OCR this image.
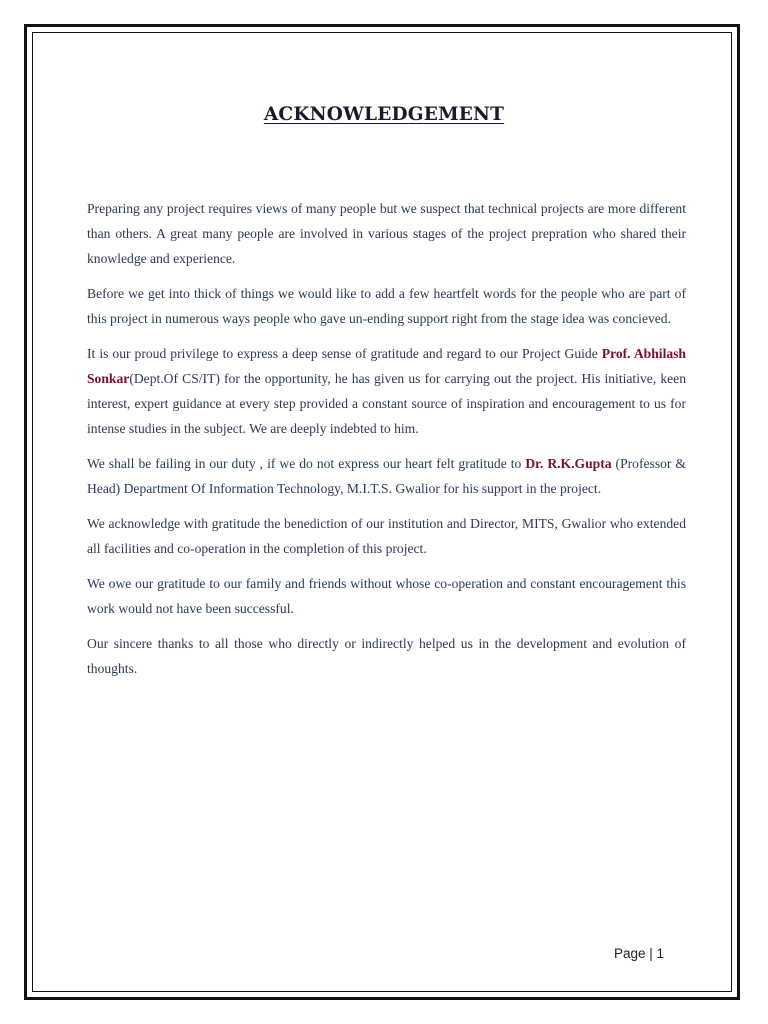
ACKNOWLEDGEMENT

Preparing any project requires views of many people but we suspect that technical projects are more different than others. A great many people are involved in various stages of the project prepration who shared their knowledge and experience.

Before we get into thick of things we would like to add a few heartfelt words for the people who are part of this project in numerous ways people who gave un-ending support right from the stage idea was concieved.

It is our proud privilege to express a deep sense of gratitude and regard to our Project Guide Prof. Abhilash Sonkar(Dept.Of CS/IT) for the opportunity, he has given us for carrying out the project. His initiative, keen interest, expert guidance at every step provided a constant source of inspiration and encouragement to us for intense studies in the subject. We are deeply indebted to him.

We shall be failing in our duty , if we do not express our heart felt gratitude to Dr. R.K.Gupta (Professor & Head) Department Of Information Technology, M.I.T.S. Gwalior for his support in the project.

We acknowledge with gratitude the benediction of our institution and Director, MITS, Gwalior who extended all facilities and co-operation in the completion of this project.

We owe our gratitude to our family and friends without whose co-operation and constant encouragement this work would not have been successful.

Our sincere thanks to all those who directly or indirectly helped us in the development and evolution of thoughts.

Page | 1
